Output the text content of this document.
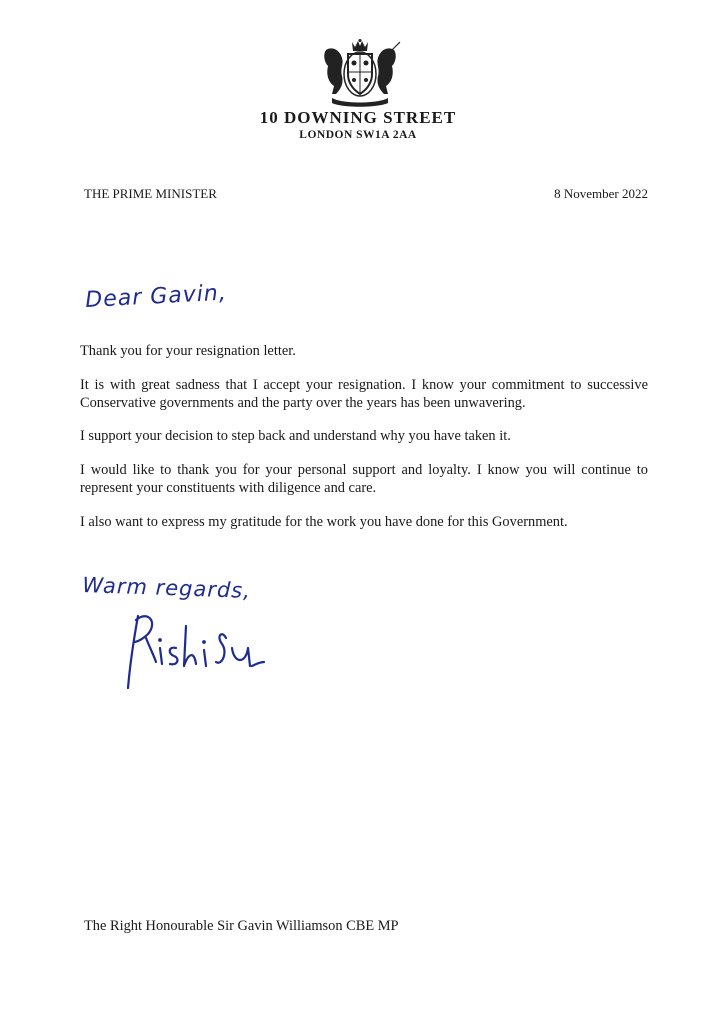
10 DOWNING STREET
LONDON SW1A 2AA
THE PRIME MINISTER	8 November 2022
Dear Gavin,
Thank you for your resignation letter.
It is with great sadness that I accept your resignation. I know your commitment to successive Conservative governments and the party over the years has been unwavering.
I support your decision to step back and understand why you have taken it.
I would like to thank you for your personal support and loyalty. I know you will continue to represent your constituents with diligence and care.
I also want to express my gratitude for the work you have done for this Government.
Warm regards,
The Right Honourable Sir Gavin Williamson CBE MP
